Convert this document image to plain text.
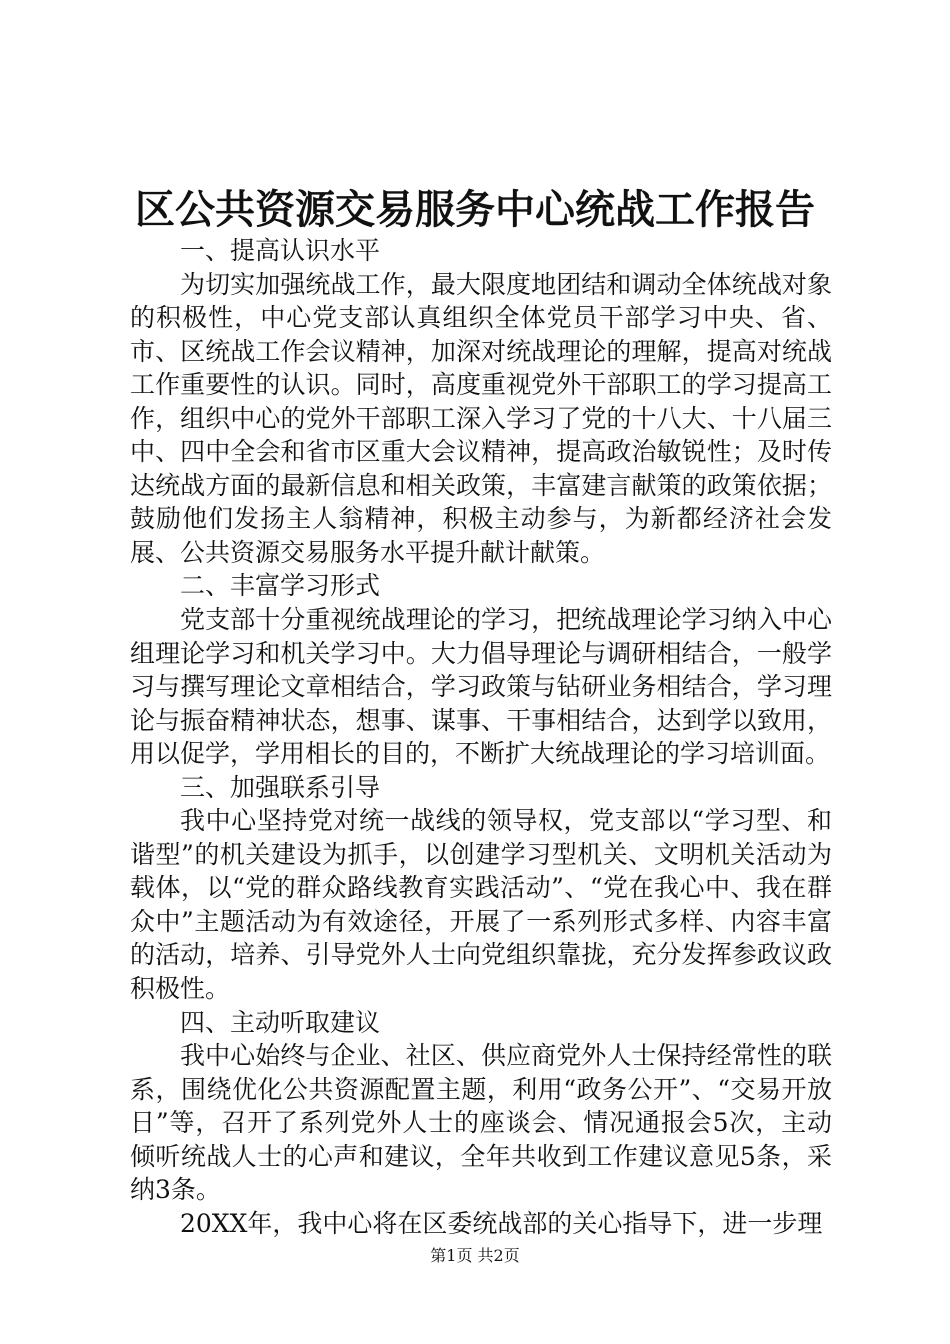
区公共资源交易服务中心统战工作报告

一、提高认识水平

为切实加强统战工作，最大限度地团结和调动全体统战对象的积极性，中心党支部认真组织全体党员干部学习中央、省、市、区统战工作会议精神，加深对统战理论的理解，提高对统战工作重要性的认识。同时，高度重视党外干部职工的学习提高工作，组织中心的党外干部职工深入学习了党的十八大、十八届三中、四中全会和省市区重大会议精神，提高政治敏锐性；及时传达统战方面的最新信息和相关政策，丰富建言献策的政策依据；鼓励他们发扬主人翁精神，积极主动参与，为新都经济社会发展、公共资源交易服务水平提升献计献策。

二、丰富学习形式

党支部十分重视统战理论的学习，把统战理论学习纳入中心组理论学习和机关学习中。大力倡导理论与调研相结合，一般学习与撰写理论文章相结合，学习政策与钻研业务相结合，学习理论与振奋精神状态，想事、谋事、干事相结合，达到学以致用，用以促学，学用相长的目的，不断扩大统战理论的学习培训面。

三、加强联系引导

我中心坚持党对统一战线的领导权，党支部以“学习型、和谐型”的机关建设为抓手，以创建学习型机关、文明机关活动为载体，以“党的群众路线教育实践活动”、“党在我心中、我在群众中”主题活动为有效途径，开展了一系列形式多样、内容丰富的活动，培养、引导党外人士向党组织靠拢，充分发挥参政议政积极性。

四、主动听取建议

我中心始终与企业、社区、供应商党外人士保持经常性的联系，围绕优化公共资源配置主题，利用“政务公开”、“交易开放日”等，召开了系列党外人士的座谈会、情况通报会5次，主动倾听统战人士的心声和建议，全年共收到工作建议意见5条，采纳3条。

20XX年，我中心将在区委统战部的关心指导下，进一步理

第1页 共2页
